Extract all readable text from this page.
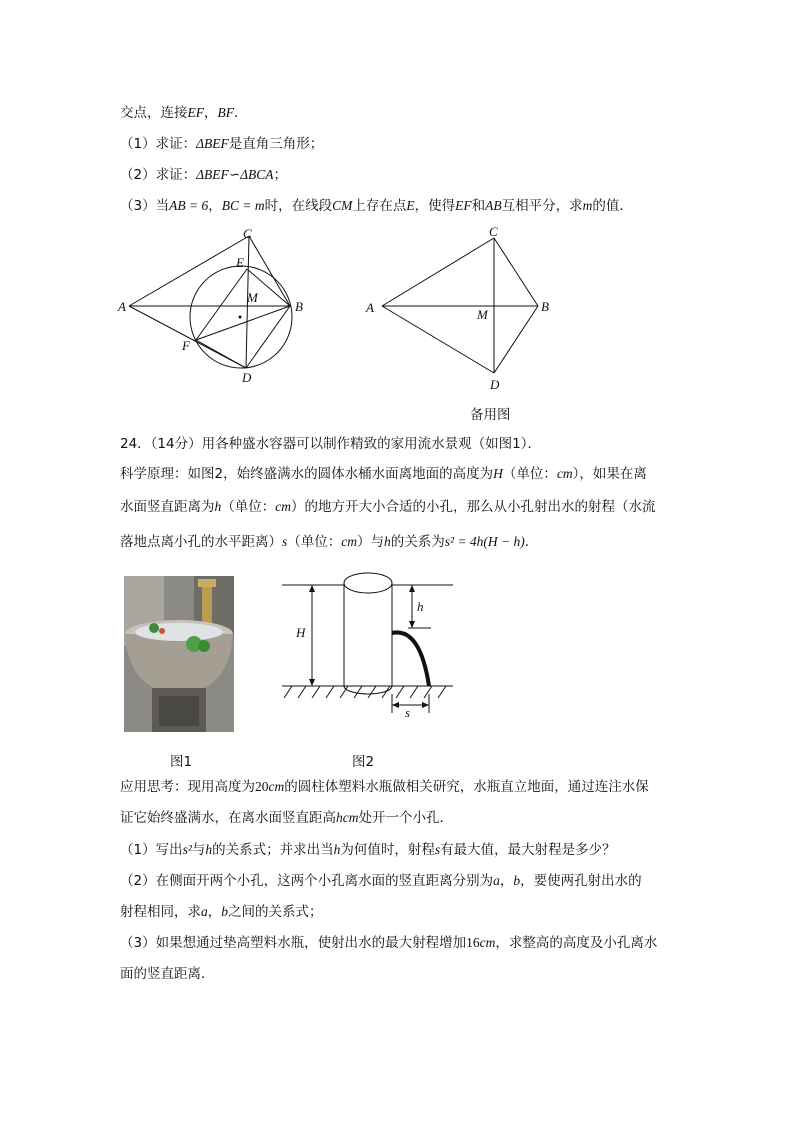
交点，连接EF，BF．
（1）求证：ΔBEF是直角三角形；
（2）求证：ΔBEF∽ΔBCA；
（3）当AB = 6，BC = m时，在线段CM上存在点E，使得EF和AB互相平分，求m的值．
C
E
M
A	B
F
D
C
A	M
B
D
备用图
24．（14分）用各种盛水容器可以制作精致的家用流水景观（如图1）．
科学原理：如图2，始终盛满水的圆体水桶水面离地面的高度为H（单位：cm），如果在离
水面竖直距离为h（单位：cm）的地方开大小合适的小孔，那么从小孔射出水的射程（水流
落地点离小孔的水平距离）s（单位：cm）与h的关系为s² = 4h(H − h)．
H
h
s
图1	图2
应用思考：现用高度为20cm的圆柱体塑料水瓶做相关研究，水瓶直立地面，通过连注水保
证它始终盛满水，在离水面竖直距高hcm处开一个小孔．
（1）写出s²与h的关系式；并求出当h为何值时，射程s有最大值，最大射程是多少？
（2）在侧面开两个小孔，这两个小孔离水面的竖直距离分别为a，b，要使两孔射出水的
射程相同，求a，b之间的关系式；
（3）如果想通过垫高塑料水瓶，使射出水的最大射程增加16cm，求整高的高度及小孔离水
面的竖直距离．
